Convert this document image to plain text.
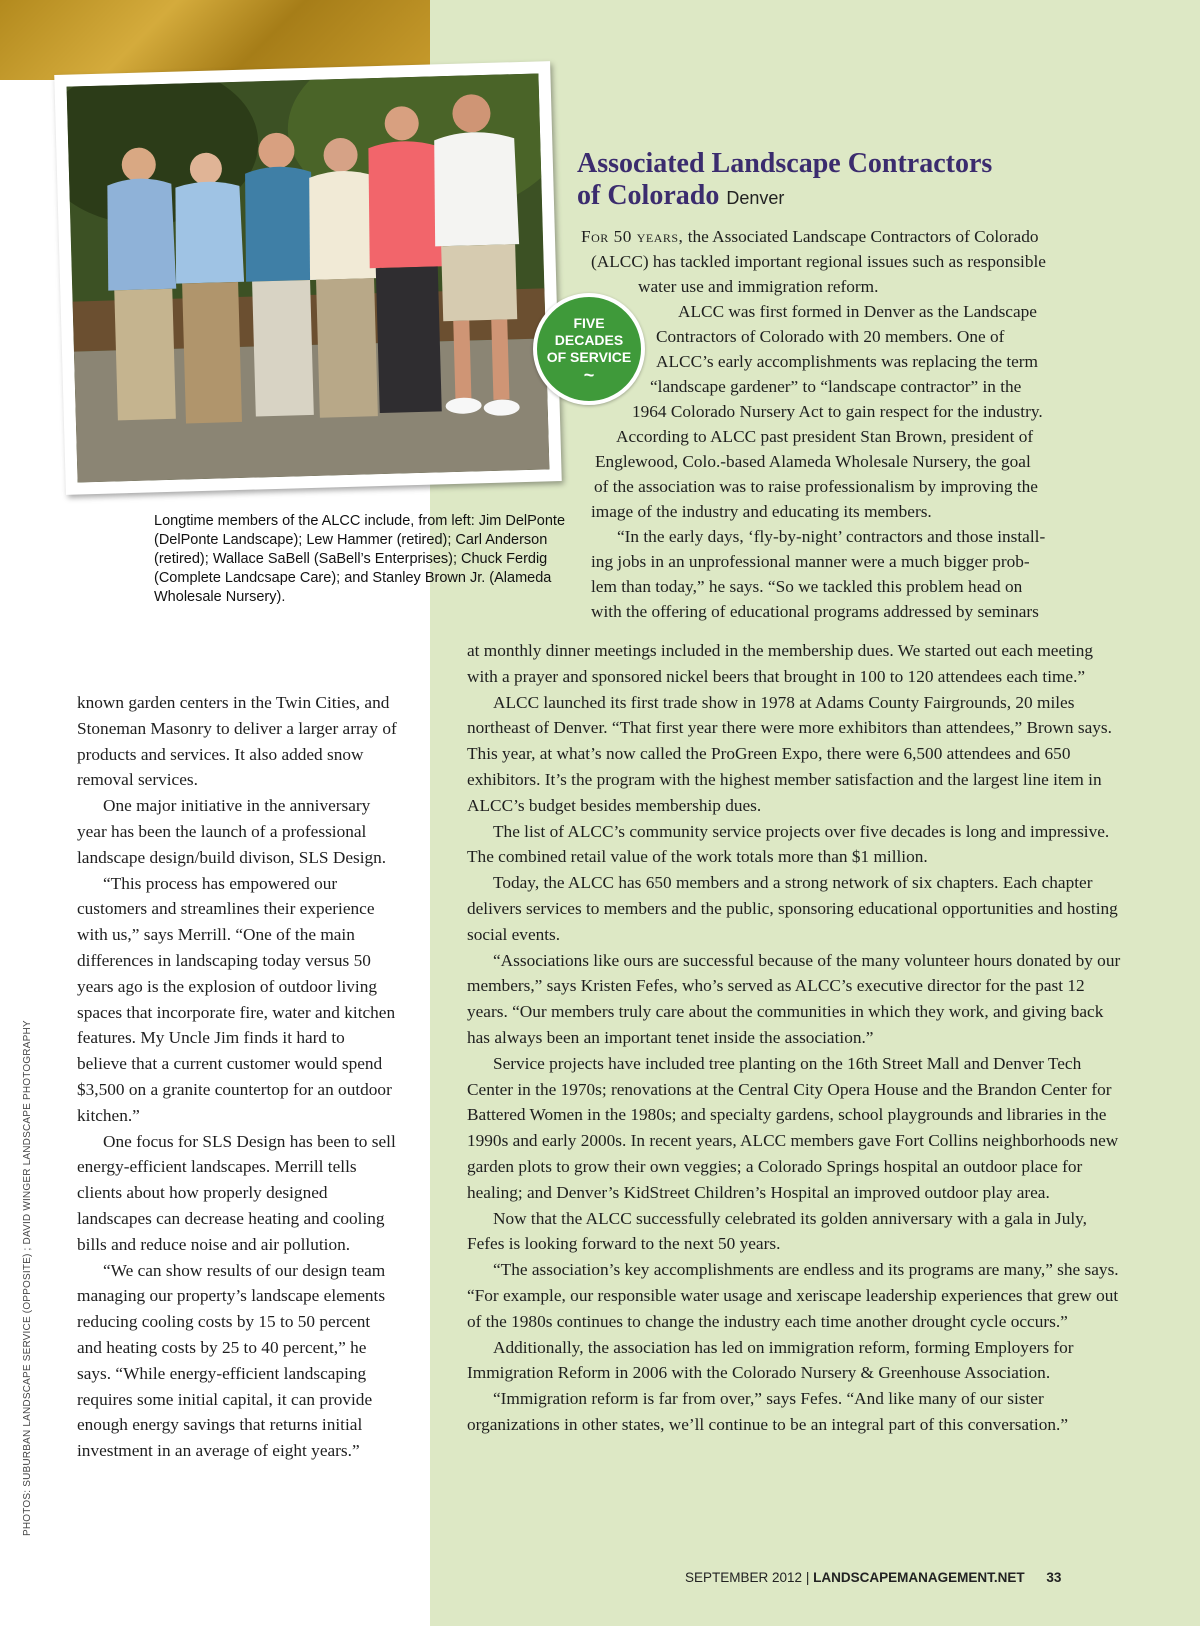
FIVE
DECADES
OF SERVICE
~

Longtime members of the ALCC include, from left: Jim DelPonte (DelPonte Landscape); Lew Hammer (retired); Carl Anderson (retired); Wallace SaBell (SaBell’s Enterprises); Chuck Ferdig (Complete Landcsape Care); and Stanley Brown Jr. (Alameda Wholesale Nursery).

Associated Landscape Contractors
of Colorado Denver

known garden centers in the Twin Cities, and Stoneman Masonry to deliver a larger array of products and services. It also added snow removal services.

One major initiative in the anniversary year has been the launch of a professional landscape design/build divison, SLS Design.

“This process has empowered our customers and streamlines their experience with us,” says Merrill. “One of the main differences in landscaping today versus 50 years ago is the explosion of outdoor living spaces that incorporate fire, water and kitchen features. My Uncle Jim finds it hard to believe that a current customer would spend $3,500 on a granite countertop for an outdoor kitchen.”

One focus for SLS Design has been to sell energy-efficient landscapes. Merrill tells clients about how properly designed landscapes can decrease heating and cooling bills and reduce noise and air pollution.

“We can show results of our design team managing our property’s landscape elements reducing cooling costs by 15 to 50 percent and heating costs by 25 to 40 percent,” he says. “While energy-efficient landscaping requires some initial capital, it can provide enough energy savings that returns initial investment in an average of eight years.”

For 50 years, the Associated Landscape Contractors of Colorado
(ALCC) has tackled important regional issues such as responsible
water use and immigration reform.
ALCC was first formed in Denver as the Landscape
Contractors of Colorado with 20 members. One of
ALCC’s early accomplishments was replacing the term
“landscape gardener” to “landscape contractor” in the
1964 Colorado Nursery Act to gain respect for the industry.
According to ALCC past president Stan Brown, president of
Englewood, Colo.-based Alameda Wholesale Nursery, the goal
of the association was to raise professionalism by improving the
image of the industry and educating its members.
“In the early days, ‘fly-by-night’ contractors and those install-
ing jobs in an unprofessional manner were a much bigger prob-
lem than today,” he says. “So we tackled this problem head on
with the offering of educational programs addressed by seminars

at monthly dinner meetings included in the membership dues. We started out each meeting with a prayer and sponsored nickel beers that brought in 100 to 120 attendees each time.”

ALCC launched its first trade show in 1978 at Adams County Fairgrounds, 20 miles northeast of Denver. “That first year there were more exhibitors than attendees,” Brown says. This year, at what’s now called the ProGreen Expo, there were 6,500 attendees and 650 exhibitors. It’s the program with the highest member satisfaction and the largest line item in ALCC’s budget besides membership dues.

The list of ALCC’s community service projects over five decades is long and impressive. The combined retail value of the work totals more than $1 million.

Today, the ALCC has 650 members and a strong network of six chapters. Each chapter delivers services to members and the public, sponsoring educational opportunities and hosting social events.

“Associations like ours are successful because of the many volunteer hours donated by our members,” says Kristen Fefes, who’s served as ALCC’s executive director for the past 12 years. “Our members truly care about the communities in which they work, and giving back has always been an important tenet inside the association.”

Service projects have included tree planting on the 16th Street Mall and Denver Tech Center in the 1970s; renovations at the Central City Opera House and the Brandon Center for Battered Women in the 1980s; and specialty gardens, school playgrounds and libraries in the 1990s and early 2000s. In recent years, ALCC members gave Fort Collins neighborhoods new garden plots to grow their own veggies; a Colorado Springs hospital an outdoor place for healing; and Denver’s KidStreet Children’s Hospital an improved outdoor play area.

Now that the ALCC successfully celebrated its golden anniversary with a gala in July, Fefes is looking forward to the next 50 years.

“The association’s key accomplishments are endless and its programs are many,” she says. “For example, our responsible water usage and xeriscape leadership experiences that grew out of the 1980s continues to change the industry each time another drought cycle occurs.”

Additionally, the association has led on immigration reform, forming Employers for Immigration Reform in 2006 with the Colorado Nursery & Greenhouse Association.

“Immigration reform is far from over,” says Fefes. “And like many of our sister organizations in other states, we’ll continue to be an integral part of this conversation.”

PHOTOS: SUBURBAN LANDSCAPE SERVICE (OPPOSITE) ; DAVID WINGER LANDSCAPE PHOTOGRAPHY
SEPTEMBER 2012 | LANDSCAPEMANAGEMENT.NET 33
